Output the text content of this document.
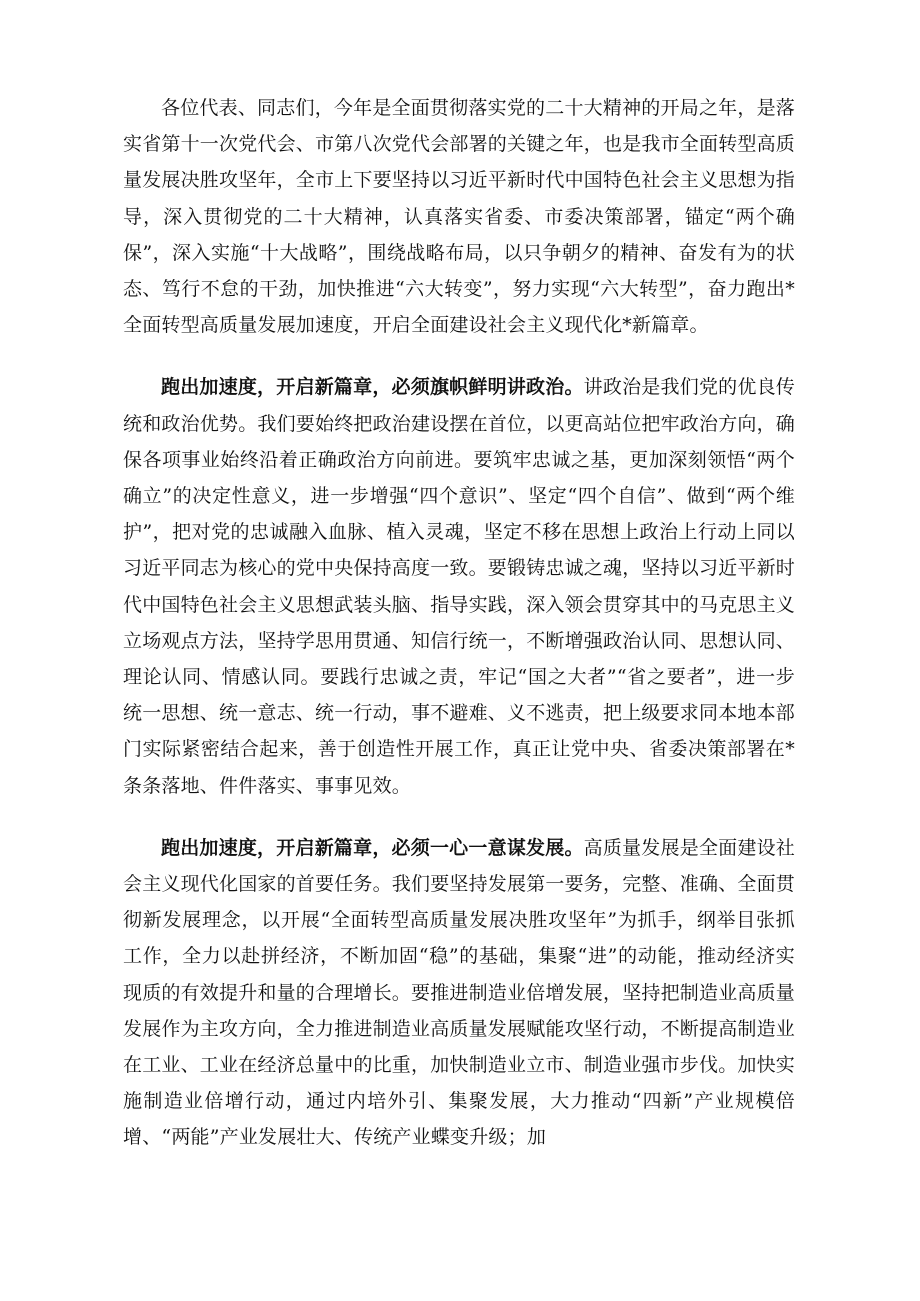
各位代表、同志们，今年是全面贯彻落实党的二十大精神的开局之年，是落实省第十一次党代会、市第八次党代会部署的关键之年，也是我市全面转型高质量发展决胜攻坚年，全市上下要坚持以习近平新时代中国特色社会主义思想为指导，深入贯彻党的二十大精神，认真落实省委、市委决策部署，锚定“两个确保”，深入实施“十大战略”，围绕战略布局，以只争朝夕的精神、奋发有为的状态、笃行不怠的干劲，加快推进“六大转变”，努力实现“六大转型”，奋力跑出*全面转型高质量发展加速度，开启全面建设社会主义现代化*新篇章。

跑出加速度，开启新篇章，必须旗帜鲜明讲政治。讲政治是我们党的优良传统和政治优势。我们要始终把政治建设摆在首位，以更高站位把牢政治方向，确保各项事业始终沿着正确政治方向前进。要筑牢忠诚之基，更加深刻领悟“两个确立”的决定性意义，进一步增强“四个意识”、坚定“四个自信”、做到“两个维护”，把对党的忠诚融入血脉、植入灵魂，坚定不移在思想上政治上行动上同以习近平同志为核心的党中央保持高度一致。要锻铸忠诚之魂，坚持以习近平新时代中国特色社会主义思想武装头脑、指导实践，深入领会贯穿其中的马克思主义立场观点方法，坚持学思用贯通、知信行统一，不断增强政治认同、思想认同、理论认同、情感认同。要践行忠诚之责，牢记“国之大者”“省之要者”，进一步统一思想、统一意志、统一行动，事不避难、义不逃责，把上级要求同本地本部门实际紧密结合起来，善于创造性开展工作，真正让党中央、省委决策部署在*条条落地、件件落实、事事见效。

跑出加速度，开启新篇章，必须一心一意谋发展。高质量发展是全面建设社会主义现代化国家的首要任务。我们要坚持发展第一要务，完整、准确、全面贯彻新发展理念，以开展“全面转型高质量发展决胜攻坚年”为抓手，纲举目张抓工作，全力以赴拼经济，不断加固“稳”的基础，集聚“进”的动能，推动经济实现质的有效提升和量的合理增长。要推进制造业倍增发展，坚持把制造业高质量发展作为主攻方向，全力推进制造业高质量发展赋能攻坚行动，不断提高制造业在工业、工业在经济总量中的比重，加快制造业立市、制造业强市步伐。加快实施制造业倍增行动，通过内培外引、集聚发展，大力推动“四新”产业规模倍增、“两能”产业发展壮大、传统产业蝶变升级；加
